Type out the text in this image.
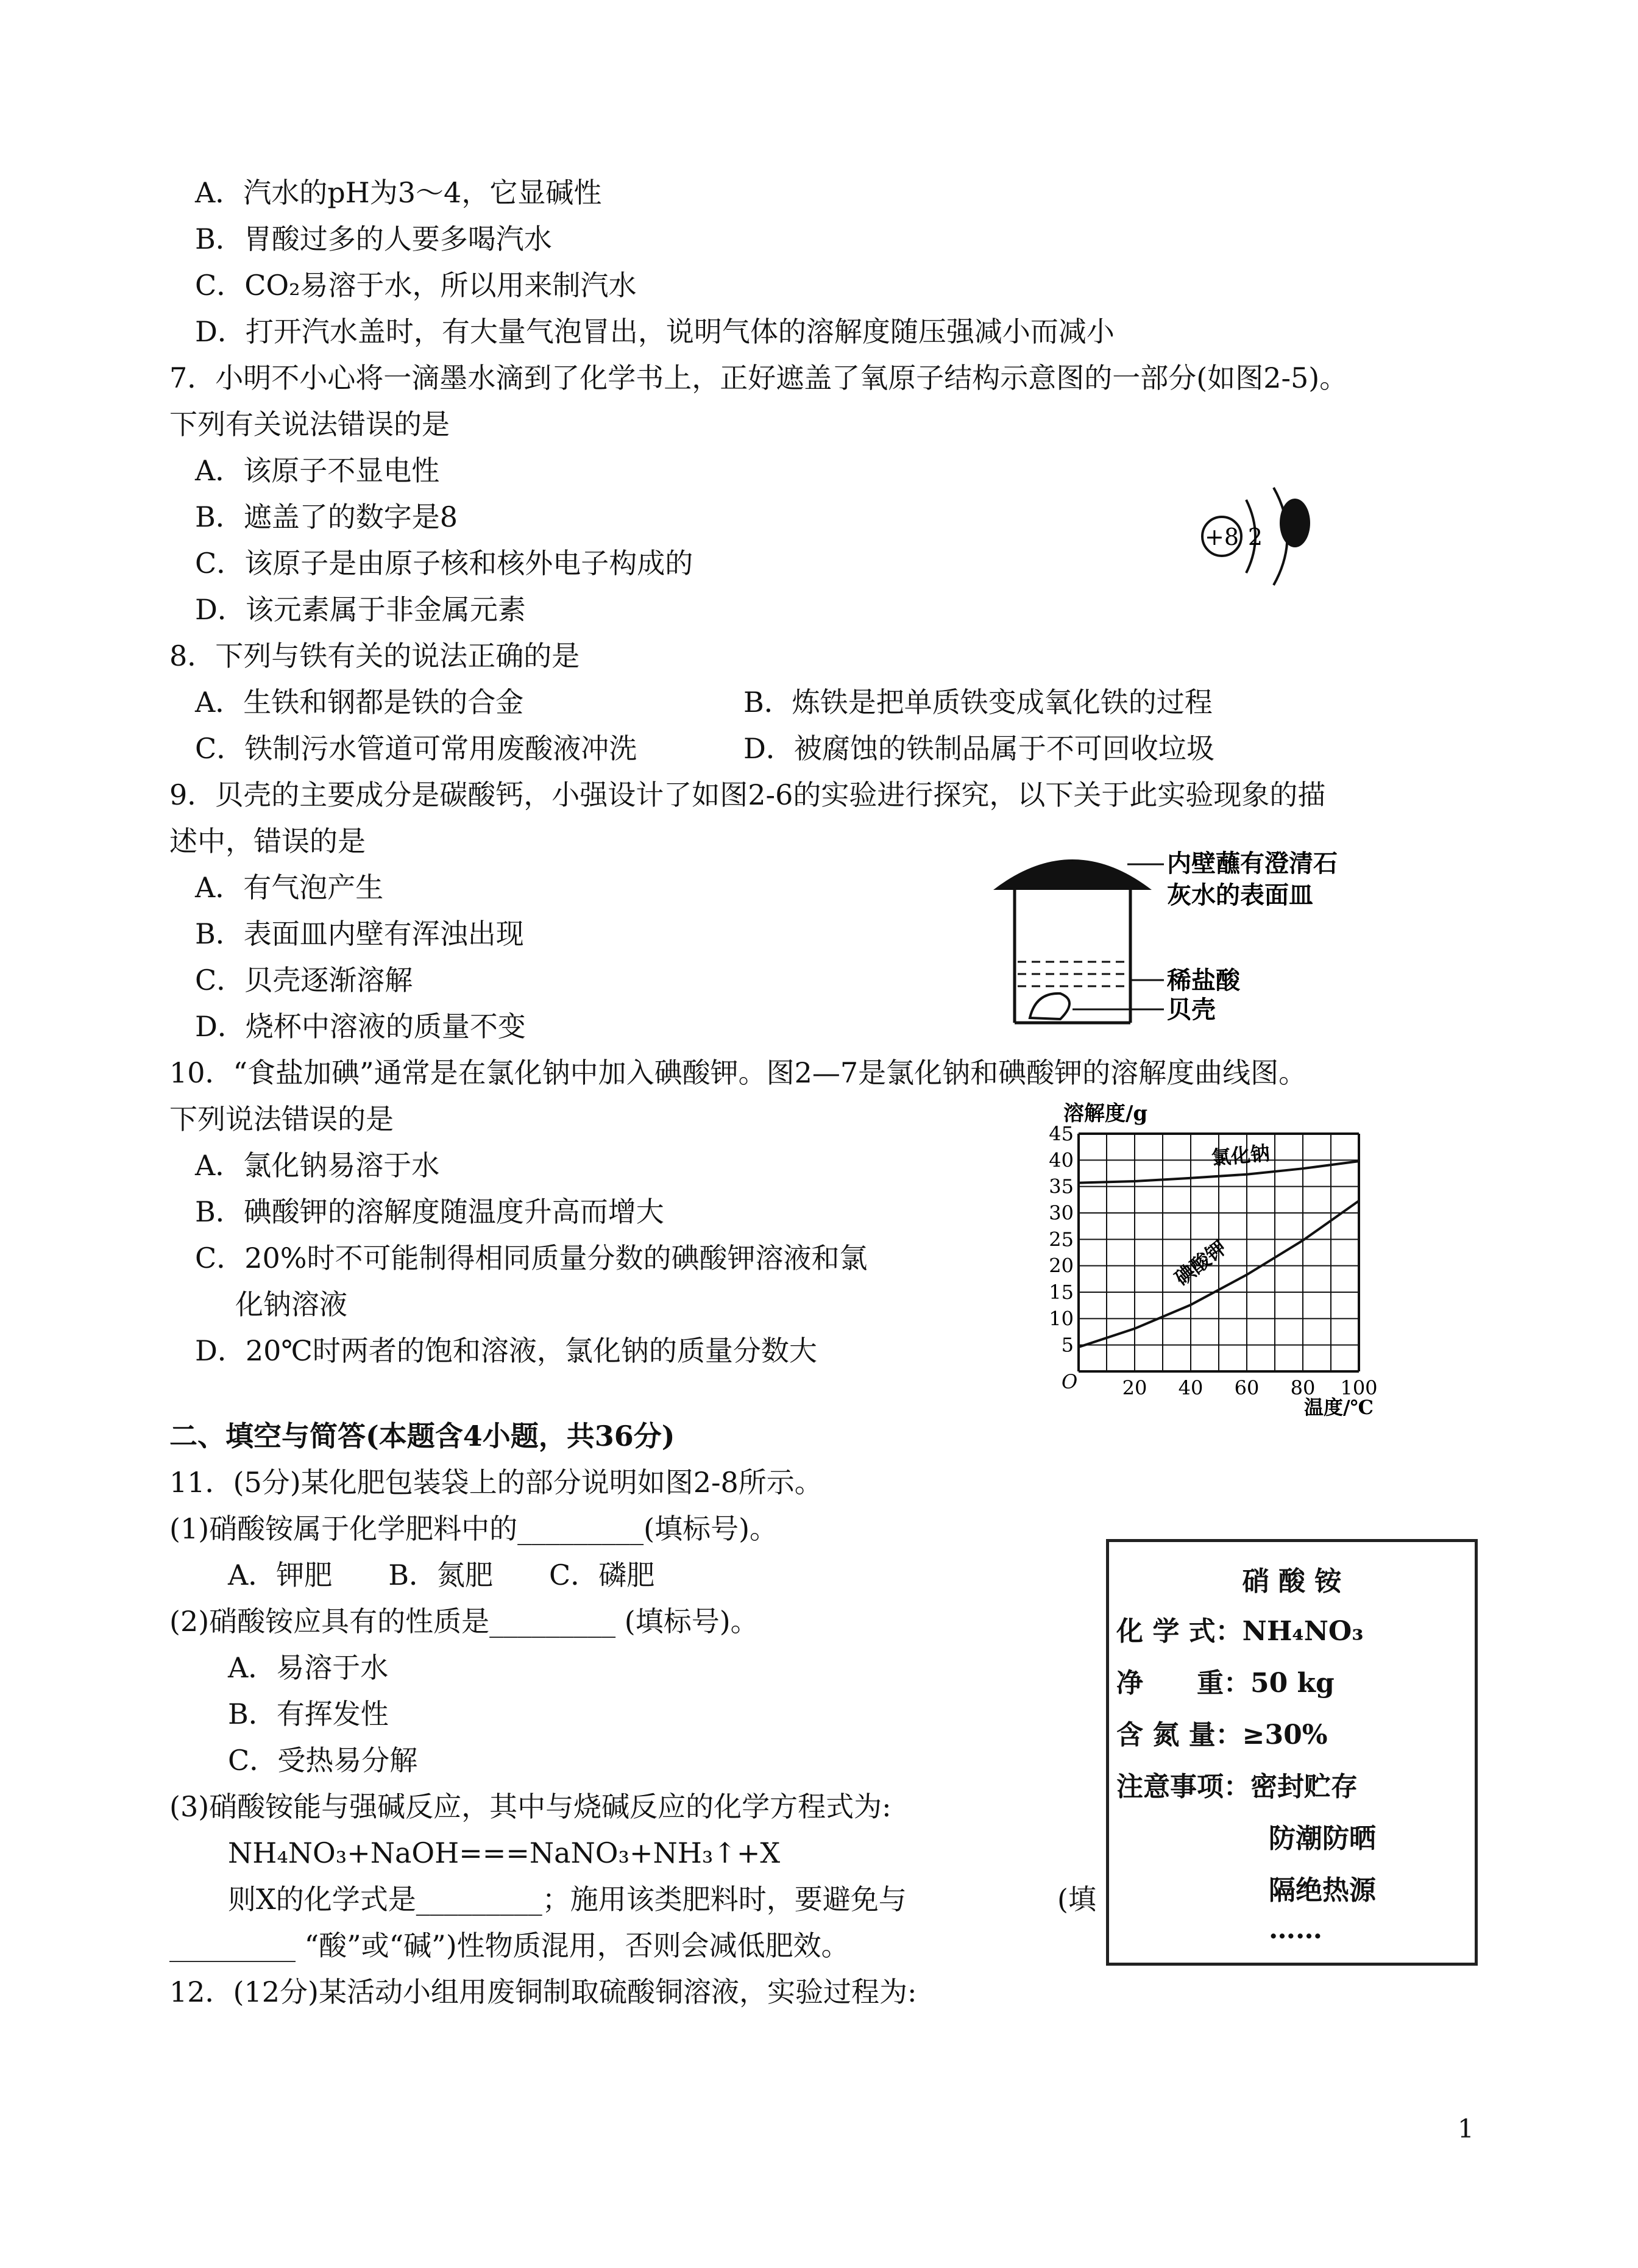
A．汽水的pH为3～4，它显碱性
B．胃酸过多的人要多喝汽水
C．CO₂易溶于水，所以用来制汽水
D．打开汽水盖时，有大量气泡冒出，说明气体的溶解度随压强减小而减小
7．小明不小心将一滴墨水滴到了化学书上，正好遮盖了氧原子结构示意图的一部分(如图2-5)。
下列有关说法错误的是
A．该原子不显电性
B．遮盖了的数字是8
C．该原子是由原子核和核外电子构成的
D．该元素属于非金属元素
+8 2
8．下列与铁有关的说法正确的是
A．生铁和钢都是铁的合金	B．炼铁是把单质铁变成氧化铁的过程
C．铁制污水管道可常用废酸液冲洗	D．被腐蚀的铁制品属于不可回收垃圾
9．贝壳的主要成分是碳酸钙，小强设计了如图2-6的实验进行探究，以下关于此实验现象的描
述中，错误的是
A．有气泡产生
B．表面皿内壁有浑浊出现
C．贝壳逐渐溶解
D．烧杯中溶液的质量不变
内壁蘸有澄清石
灰水的表面皿
稀盐酸
贝壳
10．“食盐加碘”通常是在氯化钠中加入碘酸钾。图2—7是氯化钠和碘酸钾的溶解度曲线图。
下列说法错误的是
A．氯化钠易溶于水
B．碘酸钾的溶解度随温度升高而增大
C．20%时不可能制得相同质量分数的碘酸钾溶液和氯
化钠溶液
D．20℃时两者的饱和溶液，氯化钠的质量分数大
溶解度/g
温度/℃
O
5
10
15
20
25
30
35
40
45
20 40 60 80 100
氯化钠
碘酸钾
二、填空与简答(本题含4小题，共36分)
11．(5分)某化肥包装袋上的部分说明如图2-8所示。
(1)硝酸铵属于化学肥料中的_________(填标号)。
A．钾肥　　B．氮肥　　C．磷肥
(2)硝酸铵应具有的性质是_________ (填标号)。
A．易溶于水
B．有挥发性
C．受热易分解
(3)硝酸铵能与强碱反应，其中与烧碱反应的化学方程式为:
NH₄NO₃+NaOH===NaNO₃+NH₃↑+X
则X的化学式是_________；施用该类肥料时，要避免与	(填
_________ “酸”或“碱”)性物质混用，否则会减低肥效。
硝 酸 铵
化 学 式：NH₄NO₃
净　　重：50 kg
含 氮 量：≥30%
注意事项：密封贮存
防潮防晒
隔绝热源
……
12．(12分)某活动小组用废铜制取硫酸铜溶液，实验过程为:
1
